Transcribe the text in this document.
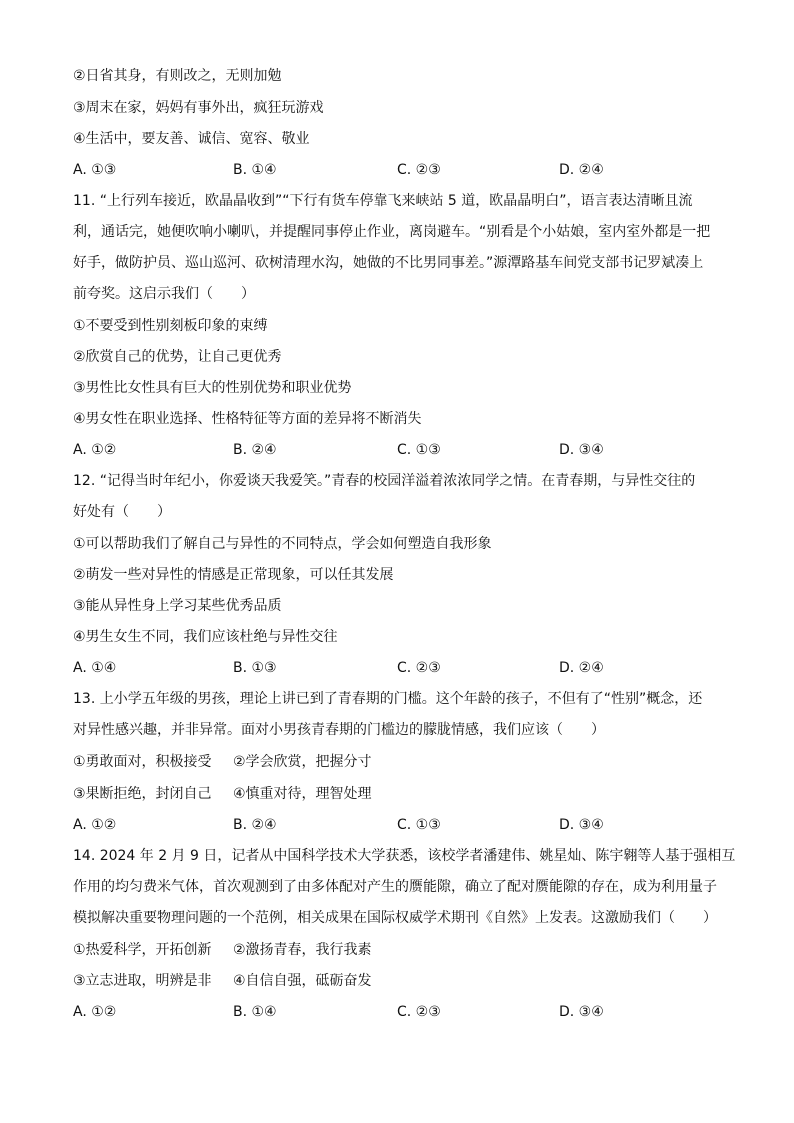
②日省其身，有则改之，无则加勉
③周末在家，妈妈有事外出，疯狂玩游戏
④生活中，要友善、诚信、宽容、敬业
A. ①③	B. ①④	C. ②③	D. ②④
11. “上行列车接近，欧晶晶收到”“下行有货车停靠飞来峡站 5 道，欧晶晶明白”，语言表达清晰且流
利，通话完，她便吹响小喇叭，并提醒同事停止作业，离岗避车。“别看是个小姑娘，室内室外都是一把
好手，做防护员、巡山巡河、砍树清理水沟，她做的不比男同事差。”源潭路基车间党支部书记罗斌凑上
前夸奖。这启示我们（　　）
①不要受到性别刻板印象的束缚
②欣赏自己的优势，让自己更优秀
③男性比女性具有巨大的性别优势和职业优势
④男女性在职业选择、性格特征等方面的差异将不断消失
A. ①②	B. ②④	C. ①③	D. ③④
12. “记得当时年纪小，你爱谈天我爱笑。”青春的校园洋溢着浓浓同学之情。在青春期，与异性交往的
好处有（　　）
①可以帮助我们了解自己与异性的不同特点，学会如何塑造自我形象
②萌发一些对异性的情感是正常现象，可以任其发展
③能从异性身上学习某些优秀品质
④男生女生不同，我们应该杜绝与异性交往
A. ①④	B. ①③	C. ②③	D. ②④
13. 上小学五年级的男孩，理论上讲已到了青春期的门槛。这个年龄的孩子，不但有了“性别”概念，还
对异性感兴趣，并非异常。面对小男孩青春期的门槛边的朦胧情感，我们应该（　　）
①勇敢面对，积极接受 ②学会欣赏，把握分寸
③果断拒绝，封闭自己 ④慎重对待，理智处理
A. ①②	B. ②④	C. ①③	D. ③④
14. 2024 年 2 月 9 日，记者从中国科学技术大学获悉，该校学者潘建伟、姚星灿、陈宇翱等人基于强相互
作用的均匀费米气体，首次观测到了由多体配对产生的赝能隙，确立了配对赝能隙的存在，成为利用量子
模拟解决重要物理问题的一个范例，相关成果在国际权威学术期刊《自然》上发表。这激励我们（　　）
①热爱科学，开拓创新 ②激扬青春，我行我素
③立志进取，明辨是非 ④自信自强，砥砺奋发
A. ①②	B. ①④	C. ②③	D. ③④
